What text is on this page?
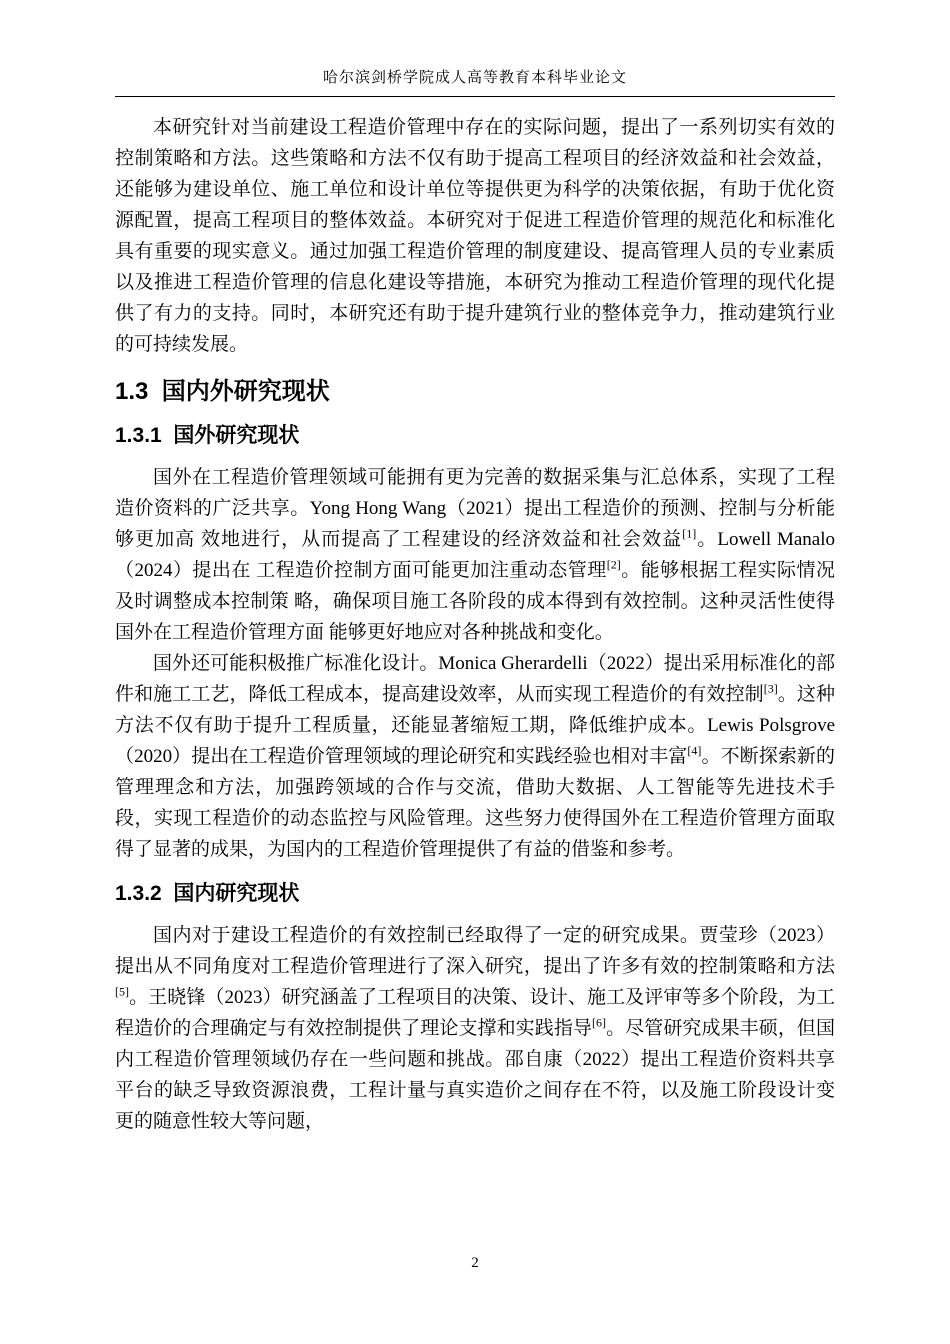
哈尔滨剑桥学院成人高等教育本科毕业论文

本研究针对当前建设工程造价管理中存在的实际问题，提出了一系列切实有效的控制策略和方法。这些策略和方法不仅有助于提高工程项目的经济效益和社会效益，还能够为建设单位、施工单位和设计单位等提供更为科学的决策依据，有助于优化资源配置，提高工程项目的整体效益。本研究对于促进工程造价管理的规范化和标准化具有重要的现实意义。通过加强工程造价管理的制度建设、提高管理人员的专业素质以及推进工程造价管理的信息化建设等措施，本研究为推动工程造价管理的现代化提供了有力的支持。同时，本研究还有助于提升建筑行业的整体竞争力，推动建筑行业的可持续发展。

1.3  国内外研究现状
1.3.1  国外研究现状

国外在工程造价管理领域可能拥有更为完善的数据采集与汇总体系，实现了工程造价资料的广泛共享。Yong Hong Wang（2021）提出工程造价的预测、控制与分析能够更加高 效地进行，从而提高了工程建设的经济效益和社会效益[1]。Lowell Manalo（2024）提出在 工程造价控制方面可能更加注重动态管理[2]。能够根据工程实际情况及时调整成本控制策 略，确保项目施工各阶段的成本得到有效控制。这种灵活性使得国外在工程造价管理方面 能够更好地应对各种挑战和变化。

国外还可能积极推广标准化设计。Monica Gherardelli（2022）提出采用标准化的部件和施工工艺，降低工程成本，提高建设效率，从而实现工程造价的有效控制[3]。这种方法不仅有助于提升工程质量，还能显著缩短工期，降低维护成本。Lewis Polsgrove（2020）提出在工程造价管理领域的理论研究和实践经验也相对丰富[4]。不断探索新的管理理念和方法，加强跨领域的合作与交流，借助大数据、人工智能等先进技术手段，实现工程造价的动态监控与风险管理。这些努力使得国外在工程造价管理方面取得了显著的成果，为国内的工程造价管理提供了有益的借鉴和参考。

1.3.2  国内研究现状

国内对于建设工程造价的有效控制已经取得了一定的研究成果。贾莹珍（2023）提出从不同角度对工程造价管理进行了深入研究，提出了许多有效的控制策略和方法[5]。王晓锋（2023）研究涵盖了工程项目的决策、设计、施工及评审等多个阶段，为工程造价的合理确定与有效控制提供了理论支撑和实践指导[6]。尽管研究成果丰硕，但国内工程造价管理领域仍存在一些问题和挑战。邵自康（2022）提出工程造价资料共享平台的缺乏导致资源浪费，工程计量与真实造价之间存在不符，以及施工阶段设计变更的随意性较大等问题，

2
